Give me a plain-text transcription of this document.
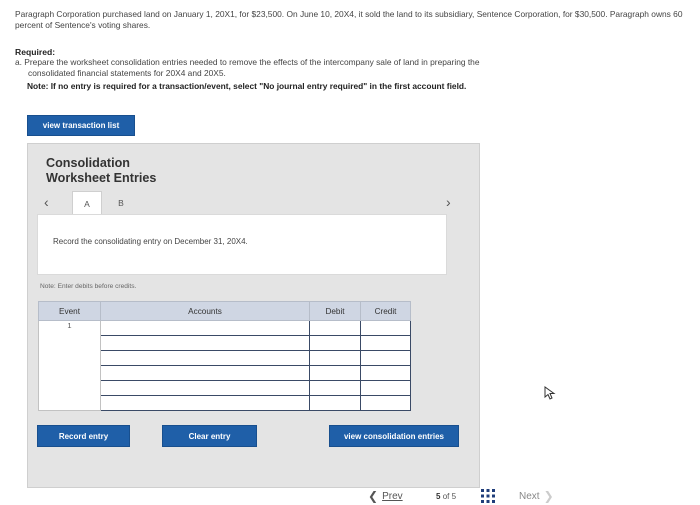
Paragraph Corporation purchased land on January 1, 20X1, for $23,500. On June 10, 20X4, it sold the land to its subsidiary, Sentence Corporation, for $30,500. Paragraph owns 60 percent of Sentence's voting shares.
Required:
a. Prepare the worksheet consolidation entries needed to remove the effects of the intercompany sale of land in preparing the
consolidated financial statements for 20X4 and 20X5.
Note: If no entry is required for a transaction/event, select "No journal entry required" in the first account field.
view transaction list
Consolidation
Worksheet Entries
‹	A	B	›
Record the consolidating entry on December 31, 20X4.
Note: Enter debits before credits.
Event	Accounts	Debit	Credit
1			

Record entry	Clear entry	view consolidation entries
❮ Prev	5 of 5	Next ❯
